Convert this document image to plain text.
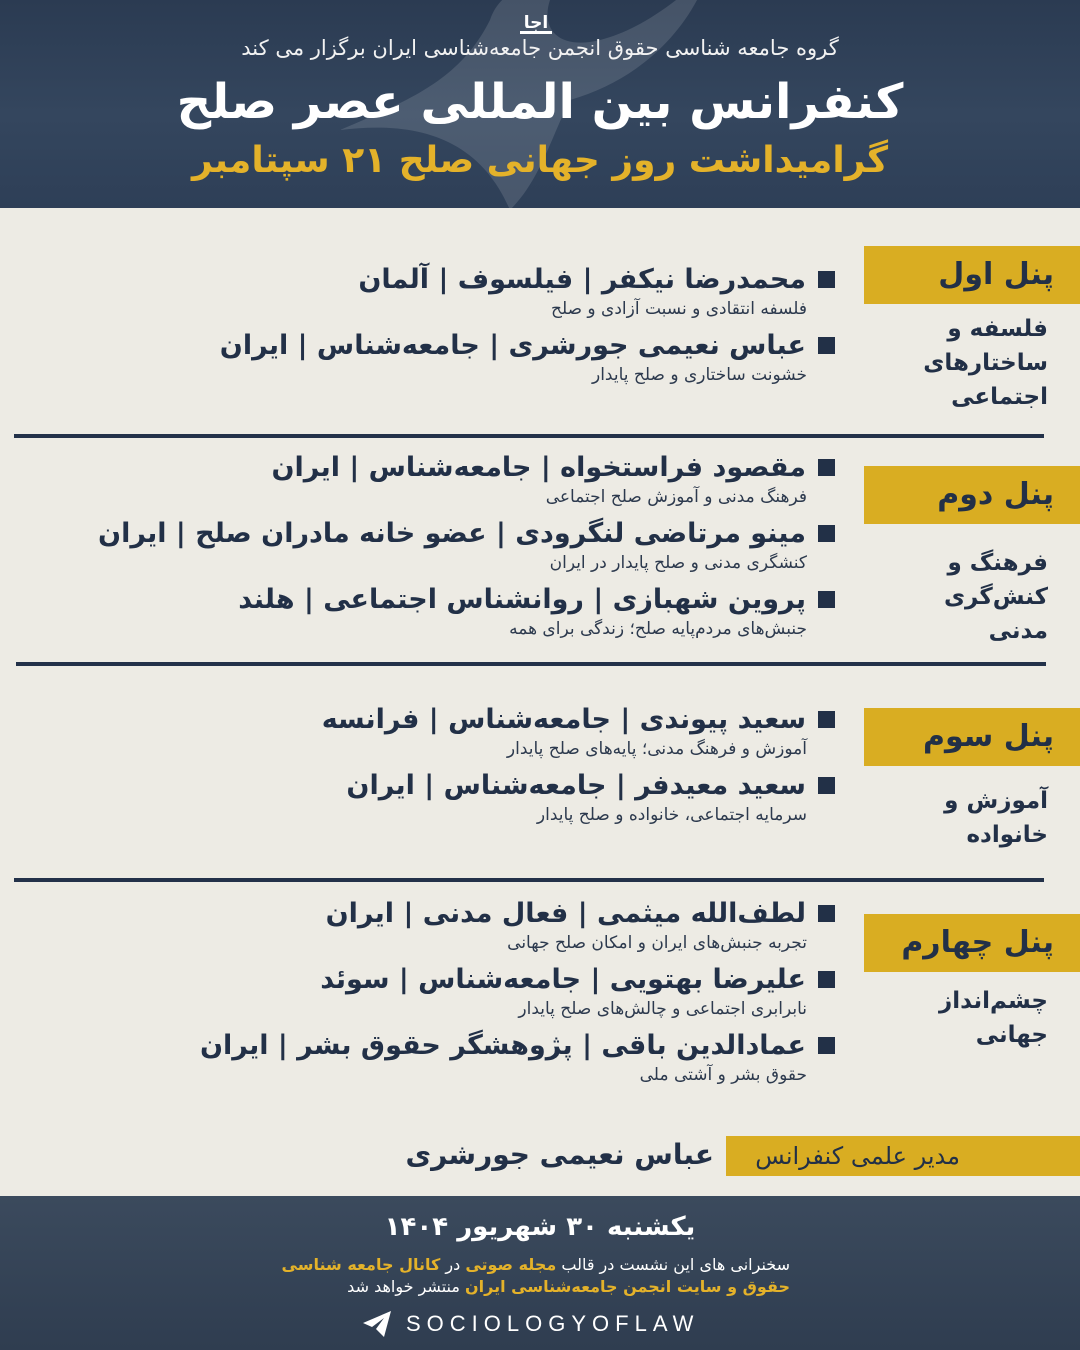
اجا
گروه جامعه شناسی حقوق انجمن جامعه‌شناسی ایران برگزار می کند
کنفرانس بین المللی عصر صلح
گرامیداشت روز جهانی صلح ۲۱ سپتامبر
پنل اول
فلسفه و
ساختارهای
اجتماعی
محمدرضا نیکفر | فیلسوف | آلمان
فلسفه انتقادی و نسبت آزادی و صلح
عباس نعیمی جورشری | جامعه‌شناس | ایران
خشونت ساختاری و صلح پایدار
پنل دوم
فرهنگ و
کنش‌گری
مدنی
مقصود فراستخواه | جامعه‌شناس | ایران
فرهنگ مدنی و آموزش صلح اجتماعی
مینو مرتاضی لنگرودی | عضو خانه مادران صلح | ایران
کنشگری مدنی و صلح پایدار در ایران
پروین شهبازی | روانشناس اجتماعی | هلند
جنبش‌های مردم‌پایه صلح؛ زندگی برای همه
پنل سوم
آموزش و
خانواده
سعید پیوندی | جامعه‌شناس | فرانسه
آموزش و فرهنگ مدنی؛ پایه‌های صلح پایدار
سعید معیدفر | جامعه‌شناس | ایران
سرمایه اجتماعی، خانواده و صلح پایدار
پنل چهارم
چشم‌انداز
جهانی
لطف‌الله میثمی | فعال مدنی | ایران
تجربه جنبش‌های ایران و امکان صلح جهانی
علیرضا بهتویی | جامعه‌شناس | سوئد
نابرابری اجتماعی و چالش‌های صلح پایدار
عمادالدین باقی | پژوهشگر حقوق بشر | ایران
حقوق بشر و آشتی ملی
مدیر علمی کنفرانس
عباس نعیمی جورشری
یکشنبه ۳۰ شهریور ۱۴۰۴
سخنرانی های این نشست در قالب مجله صوتی در کانال جامعه شناسی حقوق و سایت انجمن جامعه‌شناسی ایران منتشر خواهد شد
SOCIOLOGYOFLAW
